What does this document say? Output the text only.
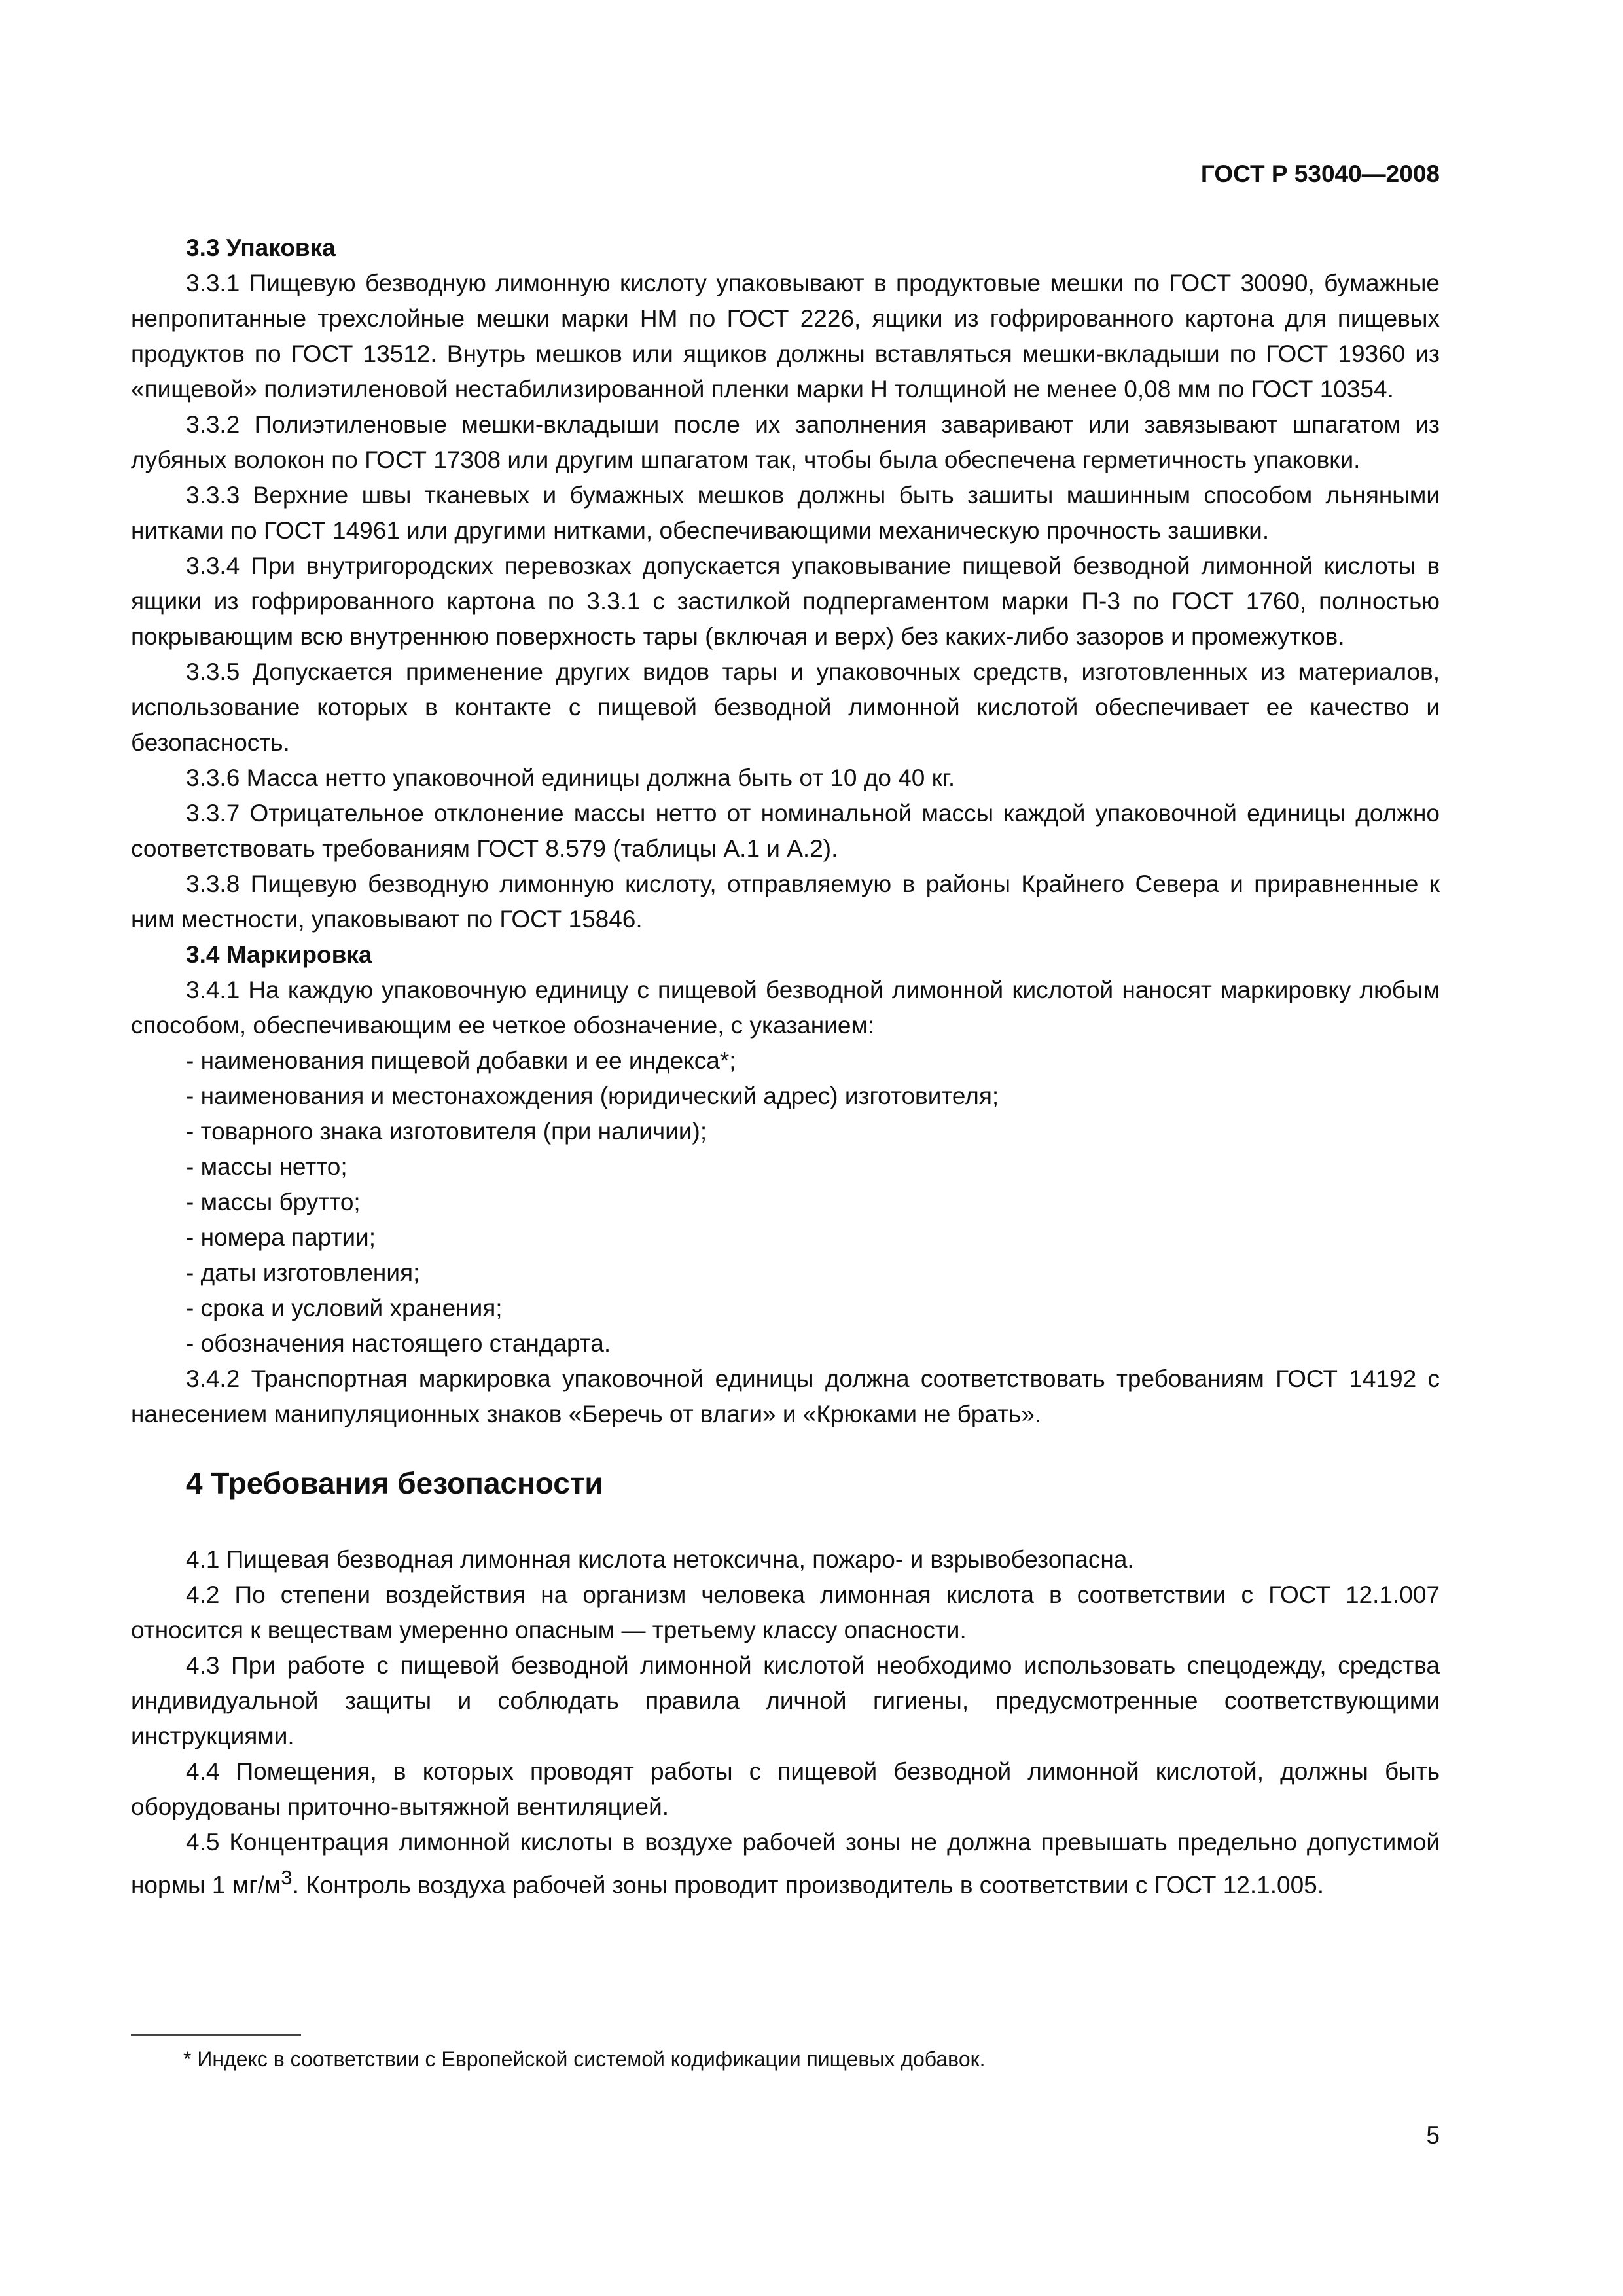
ГОСТ Р 53040—2008

3.3 Упаковка

3.3.1 Пищевую безводную лимонную кислоту упаковывают в продуктовые мешки по ГОСТ 30090, бумажные непропитанные трехслойные мешки марки НМ по ГОСТ 2226, ящики из гофрированного картона для пищевых продуктов по ГОСТ 13512. Внутрь мешков или ящиков должны вставляться мешки-вкладыши по ГОСТ 19360 из «пищевой» полиэтиленовой нестабилизированной пленки марки Н толщиной не менее 0,08 мм по ГОСТ 10354.

3.3.2 Полиэтиленовые мешки-вкладыши после их заполнения заваривают или завязывают шпагатом из лубяных волокон по ГОСТ 17308 или другим шпагатом так, чтобы была обеспечена герметичность упаковки.

3.3.3 Верхние швы тканевых и бумажных мешков должны быть зашиты машинным способом льняными нитками по ГОСТ 14961 или другими нитками, обеспечивающими механическую прочность зашивки.

3.3.4 При внутригородских перевозках допускается упаковывание пищевой безводной лимонной кислоты в ящики из гофрированного картона по 3.3.1 с застилкой подпергаментом марки П-3 по ГОСТ 1760, полностью покрывающим всю внутреннюю поверхность тары (включая и верх) без каких-либо зазоров и промежутков.

3.3.5 Допускается применение других видов тары и упаковочных средств, изготовленных из материалов, использование которых в контакте с пищевой безводной лимонной кислотой обеспечивает ее качество и безопасность.

3.3.6 Масса нетто упаковочной единицы должна быть от 10 до 40 кг.

3.3.7 Отрицательное отклонение массы нетто от номинальной массы каждой упаковочной единицы должно соответствовать требованиям ГОСТ 8.579 (таблицы А.1 и А.2).

3.3.8 Пищевую безводную лимонную кислоту, отправляемую в районы Крайнего Севера и приравненные к ним местности, упаковывают по ГОСТ 15846.

3.4 Маркировка

3.4.1 На каждую упаковочную единицу с пищевой безводной лимонной кислотой наносят маркировку любым способом, обеспечивающим ее четкое обозначение, с указанием:

- наименования пищевой добавки и ее индекса*;

- наименования и местонахождения (юридический адрес) изготовителя;

- товарного знака изготовителя (при наличии);

- массы нетто;

- массы брутто;

- номера партии;

- даты изготовления;

- срока и условий хранения;

- обозначения настоящего стандарта.

3.4.2 Транспортная маркировка упаковочной единицы должна соответствовать требованиям ГОСТ 14192 с нанесением манипуляционных знаков «Беречь от влаги» и «Крюками не брать».

4 Требования безопасности

4.1 Пищевая безводная лимонная кислота нетоксична, пожаро- и взрывобезопасна.

4.2 По степени воздействия на организм человека лимонная кислота в соответствии с ГОСТ 12.1.007 относится к веществам умеренно опасным — третьему классу опасности.

4.3 При работе с пищевой безводной лимонной кислотой необходимо использовать спецодежду, средства индивидуальной защиты и соблюдать правила личной гигиены, предусмотренные соответствующими инструкциями.

4.4 Помещения, в которых проводят работы с пищевой безводной лимонной кислотой, должны быть оборудованы приточно-вытяжной вентиляцией.

4.5 Концентрация лимонной кислоты в воздухе рабочей зоны не должна превышать предельно допустимой нормы 1 $мг/м^3$. Контроль воздуха рабочей зоны проводит производитель в соответствии с ГОСТ 12.1.005.

* Индекс в соответствии с Европейской системой кодификации пищевых добавок.
5
